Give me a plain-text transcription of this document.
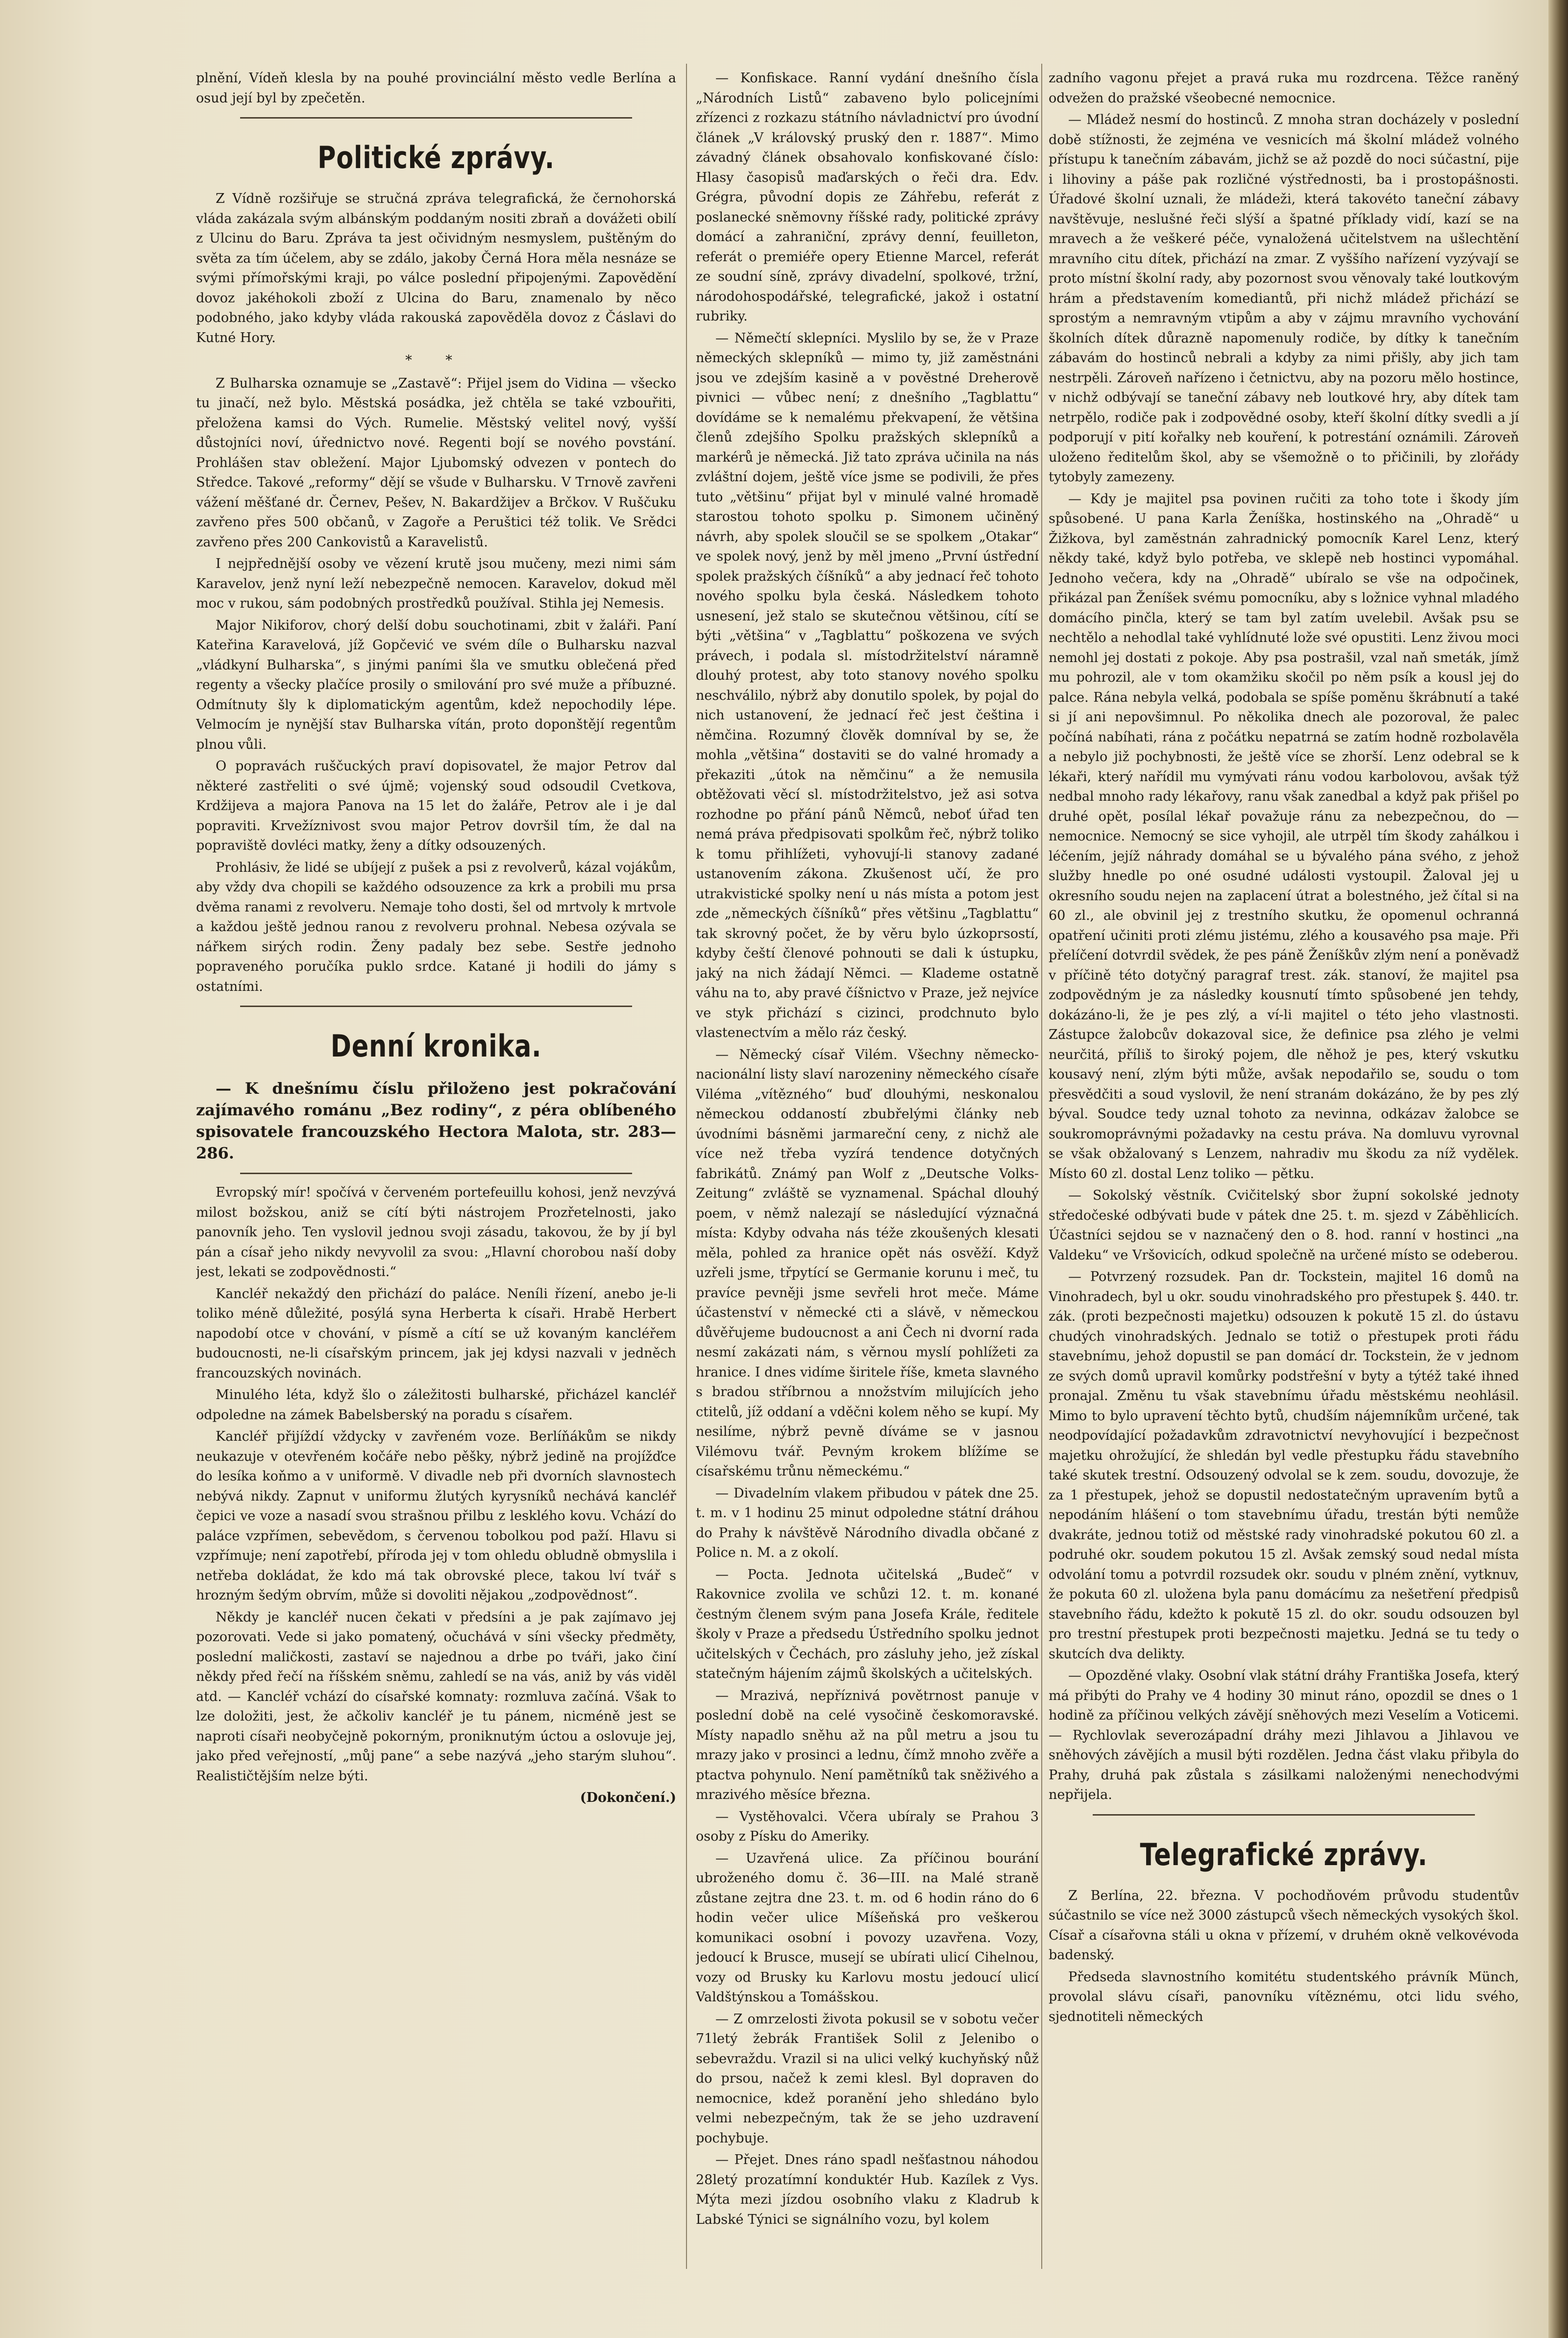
plnění, Vídeň klesla by na pouhé provinciální město vedle Berlína a osud její byl by zpečetěn.

Politické zprávy.

Z Vídně rozšiřuje se stručná zpráva telegrafická, že černohorská vláda zakázala svým albánským poddaným nositi zbraň a dovážeti obilí z Ulcinu do Baru. Zpráva ta jest očividným nesmyslem, puštěným do světa za tím účelem, aby se zdálo, jakoby Černá Hora měla nesnáze se svými přímořskými kraji, po válce poslední připojenými. Zapovědění dovoz jakéhokoli zboží z Ulcina do Baru, znamenalo by něco podobného, jako kdyby vláda rakouská zapověděla dovoz z Čáslavi do Kutné Hory.

* *

Z Bulharska oznamuje se „Zastavě“: Přijel jsem do Vidina — všecko tu jinačí, než bylo. Městská posádka, jež chtěla se také vzbouřiti, přeložena kamsi do Vých. Rumelie. Městský velitel nový, vyšší důstojníci noví, úřednictvo nové. Regenti bojí se nového povstání. Prohlášen stav obležení. Major Ljubomský odvezen v pontech do Středce. Takové „reformy“ dějí se všude v Bulharsku. V Trnově zavřeni vážení měšťané dr. Černev, Pešev, N. Bakardžijev a Brčkov. V Ruščuku zavřeno přes 500 občanů, v Zagoře a Peruštici též tolik. Ve Srědci zavřeno přes 200 Cankovistů a Karavelistů.

I nejpřednější osoby ve vězení krutě jsou mučeny, mezi nimi sám Karavelov, jenž nyní leží nebezpečně nemocen. Karavelov, dokud měl moc v rukou, sám podobných prostředků používal. Stihla jej Nemesis.

Major Nikiforov, chorý delší dobu souchotinami, zbit v žaláři. Paní Kateřina Karavelová, jíž Gopčević ve svém díle o Bulharsku nazval „vládkyní Bulharska“, s jinými paními šla ve smutku oblečená před regenty a všecky plačíce prosily o smilování pro své muže a příbuzné. Odmítnuty šly k diplomatickým agentům, kdež nepochodily lépe. Velmocím je nynější stav Bulharska vítán, proto doponštějí regentům plnou vůli.

O popravách ruščuckých praví dopisovatel, že major Petrov dal některé zastřeliti o své újmě; vojenský soud odsoudil Cvetkova, Krdžijeva a majora Panova na 15 let do žaláře, Petrov ale i je dal popraviti. Krvežíznivost svou major Petrov dovršil tím, že dal na popraviště dovléci matky, ženy a dítky odsouzených.

Prohlásiv, že lidé se ubíjejí z pušek a psi z revolverů, kázal vojákům, aby vždy dva chopili se každého odsouzence za krk a probili mu prsa dvěma ranami z revolveru. Nemaje toho dosti, šel od mrtvoly k mrtvole a každou ještě jednou ranou z revolveru prohnal. Nebesa ozývala se nářkem sirých rodin. Ženy padaly bez sebe. Sestře jednoho popraveného poručíka puklo srdce. Katané ji hodili do jámy s ostatními.

Denní kronika.

— K dnešnímu číslu přiloženo jest pokračování zajímavého románu „Bez rodiny“, z péra oblíbeného spisovatele francouzského Hectora Malota, str. 283—286.

Evropský mír! spočívá v červeném portefeuillu kohosi, jenž nevzývá milost božskou, aniž se cítí býti nástrojem Prozřetelnosti, jako panovník jeho. Ten vyslovil jednou svoji zásadu, takovou, že by jí byl pán a císař jeho nikdy nevyvolil za svou: „Hlavní chorobou naší doby jest, lekati se zodpovědnosti.“

Kancléř nekaždý den přichází do paláce. Neníli řízení, anebo je-li toliko méně důležité, posýlá syna Herberta k císaři. Hrabě Herbert napodobí otce v chování, v písmě a cítí se už kovaným kancléřem budoucnosti, ne-li císařským princem, jak jej kdysi nazvali v jedněch francouzských novinách.

Minulého léta, když šlo o záležitosti bulharské, přicházel kancléř odpoledne na zámek Babelsberský na poradu s císařem.

Kancléř přijíždí vždycky v zavřeném voze. Berlíňákům se nikdy neukazuje v otevřeném kočáře nebo pěšky, nýbrž jedině na projížďce do lesíka koňmo a v uniformě. V divadle neb při dvorních slavnostech nebývá nikdy. Zapnut v uniformu žlutých kyrysníků nechává kancléř čepici ve voze a nasadí svou strašnou přilbu z lesklého kovu. Vchází do paláce vzpřímen, sebevědom, s červenou tobolkou pod paží. Hlavu si vzpřímuje; není zapotřebí, příroda jej v tom ohledu obludně obmyslila i netřeba dokládat, že kdo má tak obrovské plece, takou lví tvář s hrozným šedým obrvím, může si dovoliti nějakou „zodpovědnost“.

Někdy je kancléř nucen čekati v předsíni a je pak zajímavo jej pozorovati. Vede si jako pomatený, očuchává v síni všecky předměty, poslední maličkosti, zastaví se najednou a drbe po tváři, jako činí někdy před řečí na říšském sněmu, zahledí se na vás, aniž by vás viděl atd. — Kancléř vchází do císařské komnaty: rozmluva začíná. Však to lze doložiti, jest, že ačkoliv kancléř je tu pánem, nicméně jest se naproti císaři neobyčejně pokorným, proniknutým úctou a oslovuje jej, jako před veřejností, „můj pane“ a sebe nazývá „jeho starým sluhou“. Realističtějším nelze býti.

(Dokončení.)

— Konfiskace. Ranní vydání dnešního čísla „Národních Listů“ zabaveno bylo policejními zřízenci z rozkazu státního návladnictví pro úvodní článek „V královský pruský den r. 1887“. Mimo závadný článek obsahovalo konfiskované číslo: Hlasy časopisů maďarských o řeči dra. Edv. Grégra, původní dopis ze Záhřebu, referát z poslanecké sněmovny říšské rady, politické zprávy domácí a zahraniční, zprávy denní, feuilleton, referát o premiéře opery Etienne Marcel, referát ze soudní síně, zprávy divadelní, spolkové, tržní, národohospodářské, telegrafické, jakož i ostatní rubriky.

— Němečtí sklepníci. Myslilo by se, že v Praze německých sklepníků — mimo ty, již zaměstnáni jsou ve zdejším kasině a v pověstné Dreherově pivnici — vůbec není; z dnešního „Tagblattu“ dovídáme se k nemalému překvapení, že většina členů zdejšího Spolku pražských sklepníků a markérů je německá. Již tato zpráva učinila na nás zvláštní dojem, ještě více jsme se podivili, že přes tuto „většinu“ přijat byl v minulé valné hromadě starostou tohoto spolku p. Simonem učiněný návrh, aby spolek sloučil se se spolkem „Otakar“ ve spolek nový, jenž by měl jmeno „První ústřední spolek pražských číšníků“ a aby jednací řeč tohoto nového spolku byla česká. Následkem tohoto usnesení, jež stalo se skutečnou většinou, cítí se býti „většina“ v „Tagblattu“ poškozena ve svých právech, i podala sl. místodržitelství náramně dlouhý protest, aby toto stanovy nového spolku neschválilo, nýbrž aby donutilo spolek, by pojal do nich ustanovení, že jednací řeč jest čeština i němčina. Rozumný člověk domníval by se, že mohla „většina“ dostaviti se do valné hromady a překaziti „útok na němčinu“ a že nemusila obtěžovati věcí sl. místodržitelstvo, jež asi sotva rozhodne po přání pánů Němců, neboť úřad ten nemá práva předpisovati spolkům řeč, nýbrž toliko k tomu přihlížeti, vyhovují-li stanovy zadané ustanovením zákona. Zkušenost učí, že pro utrakvistické spolky není u nás místa a potom jest zde „německých číšníků“ přes většinu „Tagblattu“ tak skrovný počet, že by věru bylo úzkoprsostí, kdyby čeští členové pohnouti se dali k ústupku, jaký na nich žádají Němci. — Klademe ostatně váhu na to, aby pravé číšnictvo v Praze, jež nejvíce ve styk přichází s cizinci, prodchnuto bylo vlastenectvím a mělo ráz český.

— Německý císař Vilém. Všechny německo-nacionální listy slaví narozeniny německého císaře Viléma „vítězného“ buď dlouhými, neskonalou německou oddaností zbubřelými články neb úvodními básněmi jarmareční ceny, z nichž ale více než třeba vyzírá tendence dotyčných fabrikátů. Známý pan Wolf z „Deutsche Volks-Zeitung“ zvláště se vyznamenal. Spáchal dlouhý poem, v němž nalezají se následující význačná místa: Kdyby odvaha nás téže zkoušených klesati měla, pohled za hranice opět nás osvěží. Když uzřeli jsme, třpytící se Germanie korunu i meč, tu pravíce pevněji jsme sevřeli hrot meče. Máme účastenství v německé cti a slávě, v německou důvěřujeme budoucnost a ani Čech ni dvorní rada nesmí zakázati nám, s věrnou myslí pohlížeti za hranice. I dnes vidíme širitele říše, kmeta slavného s bradou stříbrnou a nnožstvím milujících jeho ctitelů, jíž oddaní a vděčni kolem něho se kupí. My nesilíme, nýbrž pevně díváme se v jasnou Vilémovu tvář. Pevným krokem blížíme se císařskému trůnu německému.“

— Divadelním vlakem přibudou v pátek dne 25. t. m. v 1 hodinu 25 minut odpoledne státní dráhou do Prahy k návštěvě Národního divadla občané z Police n. M. a z okolí.

— Pocta. Jednota učitelská „Budeč“ v Rakovnice zvolila ve schůzi 12. t. m. konané čestným členem svým pana Josefa Krále, ředitele školy v Praze a předsedu Ústředního spolku jednot učitelských v Čechách, pro zásluhy jeho, jež získal statečným hájením zájmů školských a učitelských.

— Mrazivá, nepříznivá povětrnost panuje v poslední době na celé vysočině českomoravské. Místy napadlo sněhu až na půl metru a jsou tu mrazy jako v prosinci a lednu, čímž mnoho zvěře a ptactva pohynulo. Není pamětníků tak sněživého a mrazivého měsíce března.

— Vystěhovalci. Včera ubíraly se Prahou 3 osoby z Písku do Ameriky.

— Uzavřená ulice. Za příčinou bourání ubroženého domu č. 36—III. na Malé straně zůstane zejtra dne 23. t. m. od 6 hodin ráno do 6 hodin večer ulice Míšeňská pro veškerou komunikaci osobní i povozy uzavřena. Vozy, jedoucí k Bruscе, musejí se ubírati ulicí Cihelnou, vozy od Brusky ku Karlovu mostu jedoucí ulicí Valdštýnskou a Tomášskou.

— Z omrzelosti života pokusil se v sobotu večer 71letý žebrák František Solil z Jelenibo o sebevraždu. Vrazil si na ulici velký kuchyňský nůž do prsou, načež k zemi klesl. Byl dopraven do nemocnice, kdež poranění jeho shledáno bylo velmi nebezpečným, tak že se jeho uzdravení pochybuje.

— Přejet. Dnes ráno spadl nešťastnou náhodou 28letý prozatímní konduktér Hub. Kazílek z Vys. Mýta mezi jízdou osobního vlaku z Kladrub k Labské Týnici se signálního vozu, byl kolem

zadního vagonu přejet a pravá ruka mu rozdrcena. Těžce raněný odvežen do pražské všeobecné nemocnice.

— Mládež nesmí do hostinců. Z mnoha stran docházely v poslední době stížnosti, že zejména ve vesnicích má školní mládež volného přístupu k tanečním zábavám, jichž se až pozdě do noci súčastní, pije i lihoviny a páše pak rozličné výstřednosti, ba i prostopášnosti. Úřadové školní uznali, že mládeži, která takovéto taneční zábavy navštěvuje, neslušné řeči slýší a špatné příklady vidí, kazí se na mravech a že veškeré péče, vynaložená učitelstvem na ušlechtění mravního citu dítek, přichází na zmar. Z vyššího nařízení vyzývají se proto místní školní rady, aby pozornost svou věnovaly také loutkovým hrám a představením komediantů, při nichž mládež přichází se sprostým a nemravným vtipům a aby v zájmu mravního vychování školních dítek důrazně napomenuly rodiče, by dítky k tanečním zábavám do hostinců nebrali a kdyby za nimi přišly, aby jich tam nestrpěli. Zároveň nařízeno i četnictvu, aby na pozoru mělo hostince, v nichž odbývají se taneční zábavy neb loutkové hry, aby dítek tam netrpělo, rodiče pak i zodpovědné osoby, kteří školní dítky svedli a jí podporují v pití kořalky neb kouření, k potrestání oznámili. Zároveň uloženo ředitelům škol, aby se všemožně o to přičinili, by zlořády tytobyly zamezeny.

— Kdy je majitel psa povinen ručiti za toho tote i škody jím spůsobené. U pana Karla Ženíška, hostinského na „Ohradě“ u Žižkova, byl zaměstnán zahradnický pomocník Karel Lenz, který někdy také, když bylo potřeba, ve sklepě neb hostinci vypomáhal. Jednoho večera, kdy na „Ohradě“ ubíralo se vše na odpočinek, přikázal pan Ženíšek svému pomocníku, aby s ložnice vyhnal mladého domácího pinčla, který se tam byl zatím uvelebil. Avšak psu se nechtělo a nehodlal také vyhlídnuté lože své opustiti. Lenz živou moci nemohl jej dostati z pokoje. Aby psa postrašil, vzal naň smeták, jímž mu pohrozil, ale v tom okamžiku skočil po něm psík a kousl jej do palce. Rána nebyla velká, podobala se spíše poměnu škrábnutí a také si jí ani nepovšimnul. Po několika dnech ale pozoroval, že palec počíná nabíhati, rána z počátku nepatrná se zatím hodně rozbolavěla a nebylo již pochybnosti, že ještě více se zhorší. Lenz odebral se k lékaři, který nařídil mu vymývati ránu vodou karbolovou, avšak týž nedbal mnoho rady lékařovy, ranu však zanedbal a když pak přišel po druhé opět, posílal lékař považuje ránu za nebezpečnou, do — nemocnice. Nemocný se sice vyhojil, ale utrpěl tím škody zahálkou i léčením, jejíž náhrady domáhal se u bývalého pána svého, z jehož služby hnedle po oné osudné události vystoupil. Žaloval jej u okresního soudu nejen na zaplacení útrat a bolestného, jež čítal si na 60 zl., ale obvinil jej z trestního skutku, že opomenul ochranná opatření učiniti proti zlému jistému, zlého a kousavého psa maje. Při přelíčení dotvrdil svědek, že pes páně Ženíškův zlým není a poněvadž v příčině této dotyčný paragraf trest. zák. stanoví, že majitel psa zodpovědným je za následky kousnutí tímto spůsobené jen tehdy, dokázáno-li, že je pes zlý, a ví-li majitel o této jeho vlastnosti. Zástupce žalobcův dokazoval sice, že definice psa zlého je velmi neurčitá, příliš to široký pojem, dle něhož je pes, který vskutku kousavý není, zlým býti může, avšak nepodařilo se, soudu o tom přesvědčiti a soud vyslovil, že není stranám dokázáno, že by pes zlý býval. Soudce tedy uznal tohoto za nevinna, odkázav žalobce se soukromoprávnými požadavky na cestu práva. Na domluvu vyrovnal se však obžalovaný s Lenzem, nahradiv mu škodu za níž vydělek. Místo 60 zl. dostal Lenz toliko — pětku.

— Sokolský věstník. Cvičitelský sbor župní sokolské jednoty středočeské odbývati bude v pátek dne 25. t. m. sjezd v Záběhlicích. Účastníci sejdou se v naznačený den o 8. hod. ranní v hostinci „na Valdeku“ ve Vršovicích, odkud společně na určené místo se odeberou.

— Potvrzený rozsudek. Pan dr. Tockstein, majitel 16 domů na Vinohradech, byl u okr. soudu vinohradského pro přestupek §. 440. tr. zák. (proti bezpečnosti majetku) odsouzen k pokutě 15 zl. do ústavu chudých vinohradských. Jednalo se totiž o přestupek proti řádu stavebnímu, jehož dopustil se pan domácí dr. Tockstein, že v jednom ze svých domů upravil komůrky podstřešní v byty a týtéž také ihned pronajal. Změnu tu však stavebnímu úřadu městskému neohlásil. Mimo to bylo upravení těchto bytů, chudším nájemníkům určené, tak neodpovídající požadavkům zdravotnictví nevyhovující i bezpečnost majetku ohrožující, že shledán byl vedle přestupku řádu stavebního také skutek trestní. Odsouzený odvolal se k zem. soudu, dovozuje, že za 1 přestupek, jehož se dopustil nedostatečným upravením bytů a nepodáním hlášení o tom stavebnímu úřadu, trestán býti nemůže dvakráte, jednou totiž od městské rady vinohradské pokutou 60 zl. a podruhé okr. soudem pokutou 15 zl. Avšak zemský soud nedal místa odvolání tomu a potvrdil rozsudek okr. soudu v plném znění, vytknuv, že pokuta 60 zl. uložena byla panu domácímu za nešetření předpisů stavebního řádu, kdežto k pokutě 15 zl. do okr. soudu odsouzen byl pro trestní přestupek proti bezpečnosti majetku. Jedná se tu tedy o skutcích dva delikty.

— Opozděné vlaky. Osobní vlak státní dráhy Františka Josefa, který má přibýti do Prahy ve 4 hodiny 30 minut ráno, opozdil se dnes o 1 hodině za příčinou velkých závějí sněhových mezi Veselím a Voticemi. — Rychlovlak severozápadní dráhy mezi Jihlavou a Jihlavou ve sněhových závějích a musil býti rozdělen. Jedna část vlaku přibyla do Prahy, druhá pak zůstala s zásilkami naloženými nenechodvými nepřijela.

Telegrafické zprávy.

Z Berlína, 22. března. V pochodňovém průvodu studentův súčastnilo se více než 3000 zástupců všech německých vysokých škol. Císař a císařovna stáli u okna v přízemí, v druhém okně velkovévoda badenský.

Předseda slavnostního komitétu studentského právník Münch, provolal slávu císaři, panovníku vítěznému, otci lidu svého, sjednotiteli německých
